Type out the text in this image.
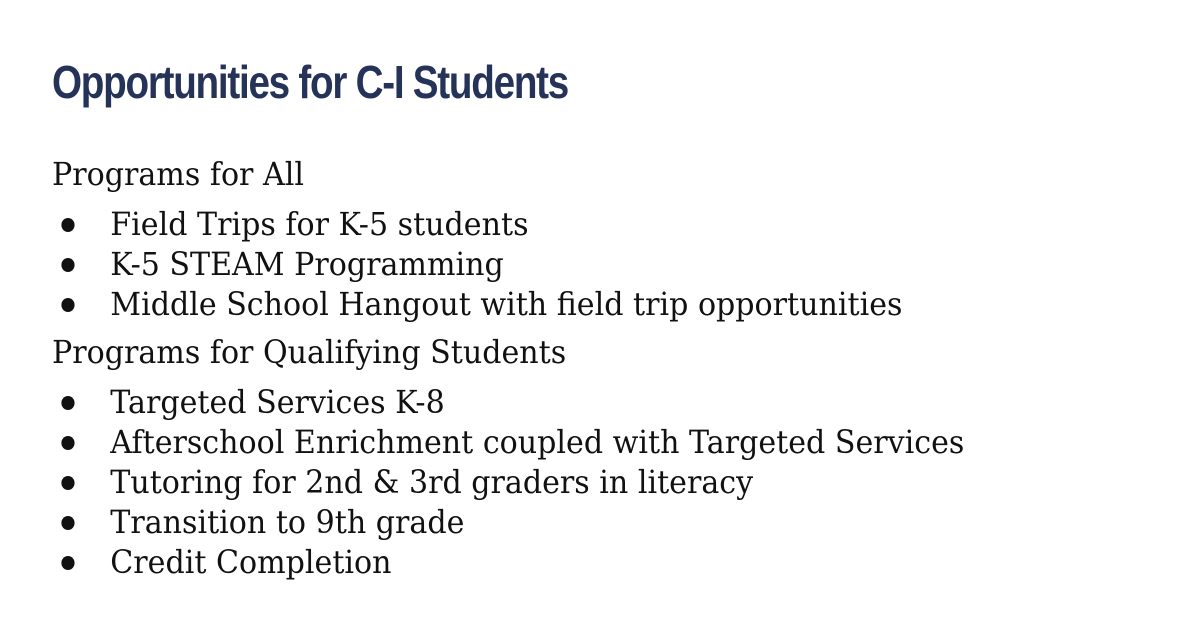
Opportunities for C-I Students

Programs for All

Field Trips for K-5 students
K-5 STEAM Programming
Middle School Hangout with field trip opportunities

Programs for Qualifying Students

Targeted Services K-8
Afterschool Enrichment coupled with Targeted Services
Tutoring for 2nd & 3rd graders in literacy
Transition to 9th grade
Credit Completion
